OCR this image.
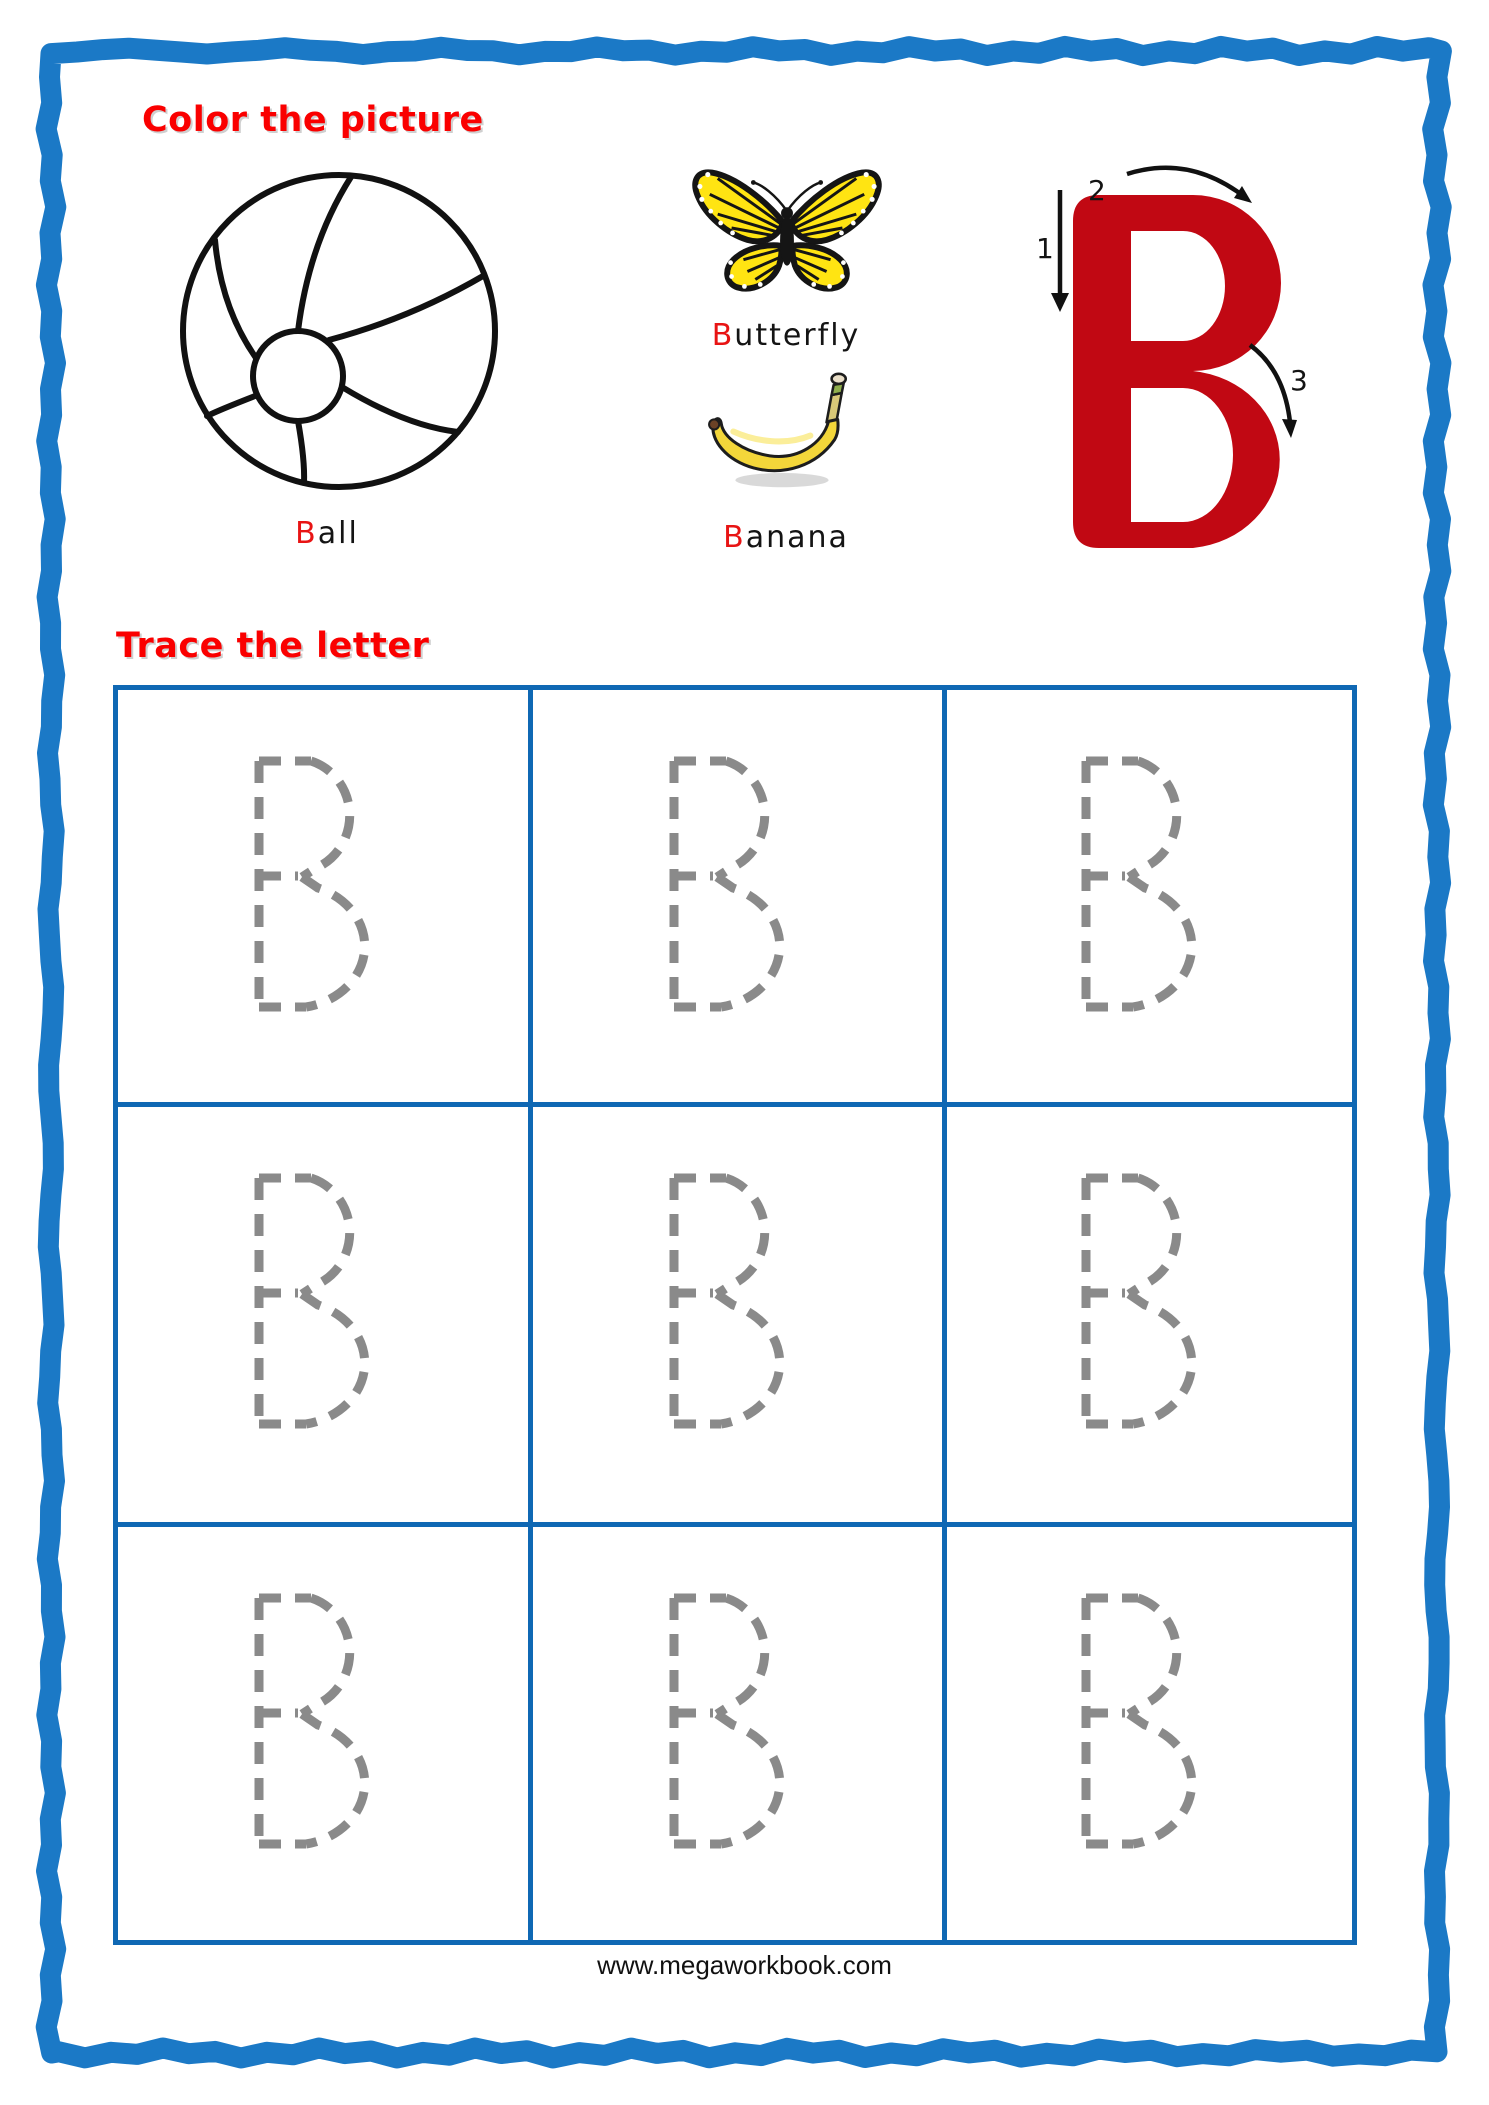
Color the picture
Ball
Butterfly
Banana
1
2
3
Trace the letter
www.megaworkbook.com
